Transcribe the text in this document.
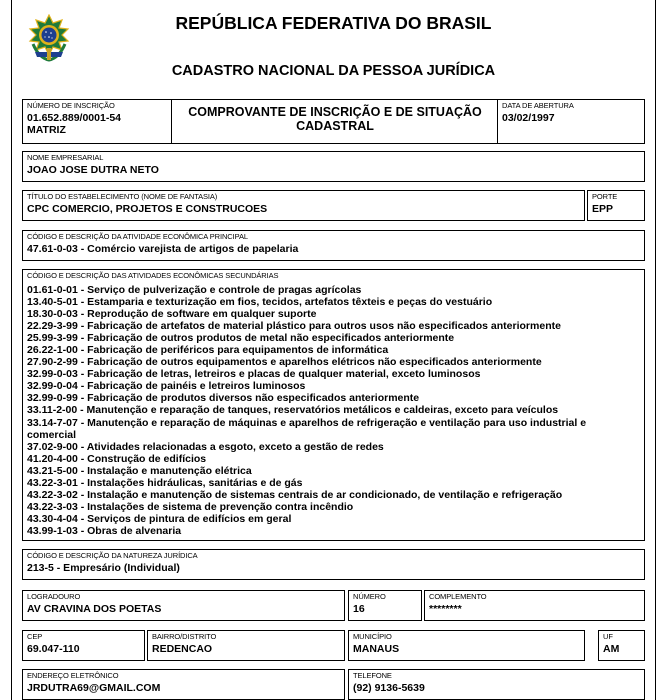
REPÚBLICA FEDERATIVA DO BRASIL
CADASTRO NACIONAL DA PESSOA JURÍDICA
NÚMERO DE INSCRIÇÃO
01.652.889/0001-54
MATRIZ
COMPROVANTE DE INSCRIÇÃO E DE SITUAÇÃO
CADASTRAL
DATA DE ABERTURA
03/02/1997
NOME EMPRESARIAL
JOAO JOSE DUTRA NETO
TÍTULO DO ESTABELECIMENTO (NOME DE FANTASIA)
CPC COMERCIO, PROJETOS E CONSTRUCOES
PORTE
EPP
CÓDIGO E DESCRIÇÃO DA ATIVIDADE ECONÔMICA PRINCIPAL
47.61-0-03 - Comércio varejista de artigos de papelaria
CÓDIGO E DESCRIÇÃO DAS ATIVIDADES ECONÔMICAS SECUNDÁRIAS
01.61-0-01 - Serviço de pulverização e controle de pragas agrícolas
13.40-5-01 - Estamparia e texturização em fios, tecidos, artefatos têxteis e peças do vestuário
18.30-0-03 - Reprodução de software em qualquer suporte
22.29-3-99 - Fabricação de artefatos de material plástico para outros usos não especificados anteriormente
25.99-3-99 - Fabricação de outros produtos de metal não especificados anteriormente
26.22-1-00 - Fabricação de periféricos para equipamentos de informática
27.90-2-99 - Fabricação de outros equipamentos e aparelhos elétricos não especificados anteriormente
32.99-0-03 - Fabricação de letras, letreiros e placas de qualquer material, exceto luminosos
32.99-0-04 - Fabricação de painéis e letreiros luminosos
32.99-0-99 - Fabricação de produtos diversos não especificados anteriormente
33.11-2-00 - Manutenção e reparação de tanques, reservatórios metálicos e caldeiras, exceto para veículos
33.14-7-07 - Manutenção e reparação de máquinas e aparelhos de refrigeração e ventilação para uso industrial e comercial
37.02-9-00 - Atividades relacionadas a esgoto, exceto a gestão de redes
41.20-4-00 - Construção de edifícios
43.21-5-00 - Instalação e manutenção elétrica
43.22-3-01 - Instalações hidráulicas, sanitárias e de gás
43.22-3-02 - Instalação e manutenção de sistemas centrais de ar condicionado, de ventilação e refrigeração
43.22-3-03 - Instalações de sistema de prevenção contra incêndio
43.30-4-04 - Serviços de pintura de edifícios em geral
43.99-1-03 - Obras de alvenaria
CÓDIGO E DESCRIÇÃO DA NATUREZA JURÍDICA
213-5 - Empresário (Individual)
LOGRADOURO
AV CRAVINA DOS POETAS
NÚMERO
16
COMPLEMENTO
********
CEP
69.047-110
BAIRRO/DISTRITO
REDENCAO
MUNICÍPIO
MANAUS
UF
AM
ENDEREÇO ELETRÔNICO
JRDUTRA69@GMAIL.COM
TELEFONE
(92) 9136-5639
